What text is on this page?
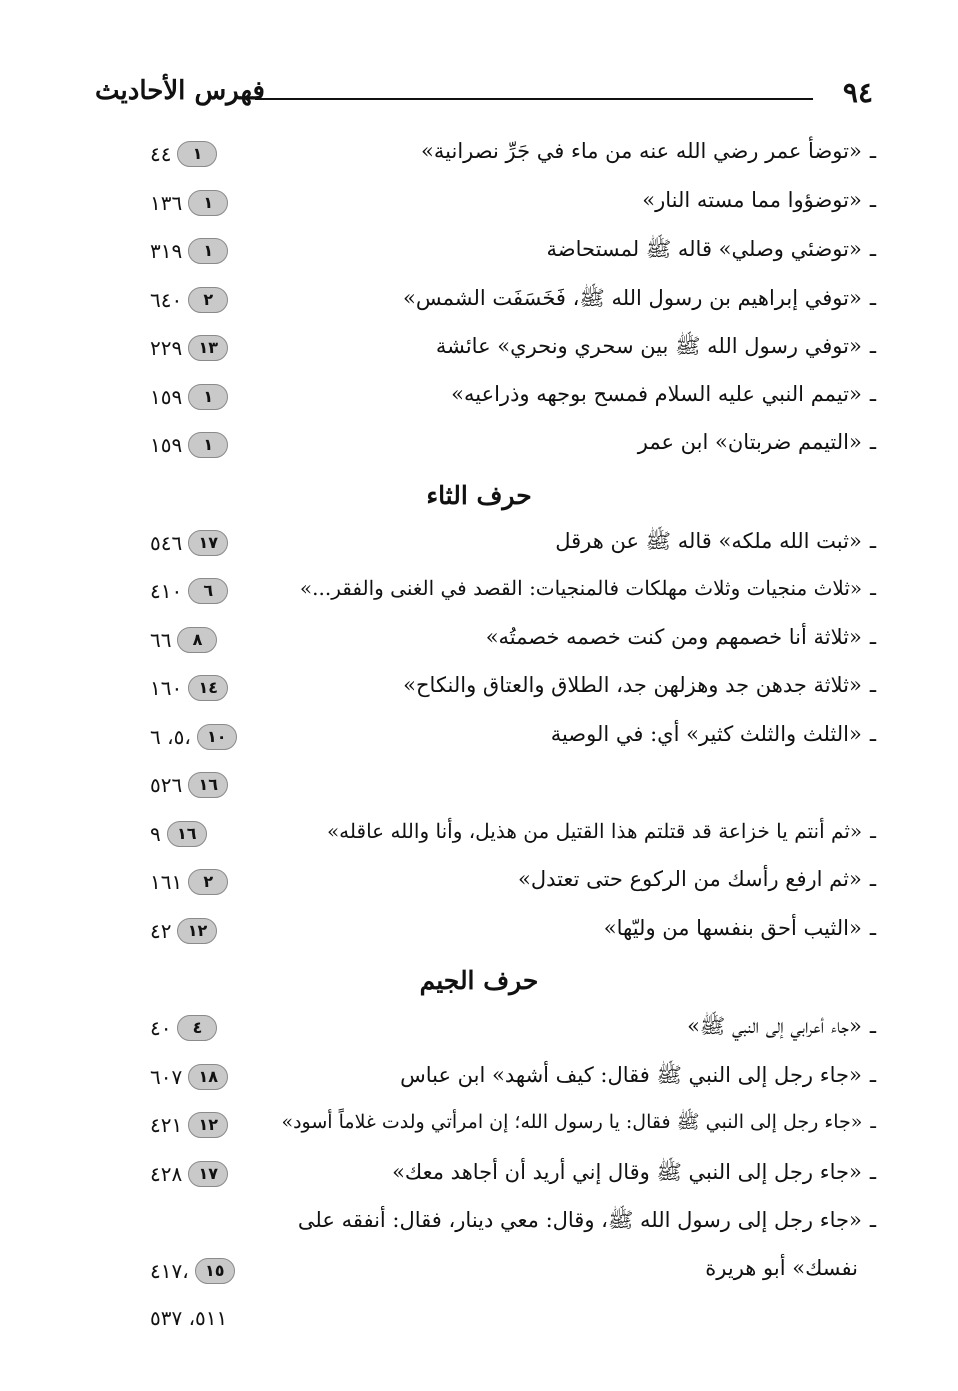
٩٤
فهرس الأحاديث
ـ«توضأ عمر رضي الله عنه من ماء في جَرِّ نصرانية»
٤٤ ١
ـ«توضؤوا مما مسته النار»
١٣٦ ١
ـ«توضئي وصلي» قاله ﷺ لمستحاضة
٣١٩ ١
ـ«توفي إبراهيم بن رسول الله ﷺ، فَخَسَفَت الشمس»
٦٤٠ ٢
ـ«توفي رسول الله ﷺ بين سحري ونحري» عائشة
٢٢٩ ١٣
ـ«تيمم النبي عليه السلام فمسح بوجهه وذراعيه»
١٥٩ ١
ـ«التيمم ضربتان» ابن عمر
١٥٩ ١
حرف الثاء
ـ«ثبت الله ملكه» قاله ﷺ عن هرقل
٥٤٦ ١٧
ـ«ثلاث منجيات وثلاث مهلكات فالمنجيات: القصد في الغنى والفقر...»
٤١٠ ٦
ـ«ثلاثة أنا خصمهم ومن كنت خصمه خصمتُه»
٦٦ ٨
ـ«ثلاثة جدهن جد وهزلهن جد، الطلاق والعتاق والنكاح»
١٦٠ ١٤
ـ«الثلث والثلث كثير» أي: في الوصية
٥، ٦، ١٠
٥٢٦ ١٦
ـ«ثم أنتم يا خزاعة قد قتلتم هذا القتيل من هذيل، وأنا والله عاقله»
٩ ١٦
ـ«ثم ارفع رأسك من الركوع حتى تعتدل»
١٦١ ٢
ـ«الثيب أحق بنفسها من وليّها»
٤٢ ١٢
حرف الجيم
ـ«جاء أعرابي إلى النبي ﷺ»
٤٠ ٤
ـ«جاء رجل إلى النبي ﷺ فقال: كيف أشهد» ابن عباس
٦٠٧ ١٨
ـ«جاء رجل إلى النبي ﷺ فقال: يا رسول الله؛ إن امرأتي ولدت غلاماً أسود»
٤٢١ ١٢
ـ«جاء رجل إلى النبي ﷺ وقال إني أريد أن أجاهد معك»
٤٢٨ ١٧
ـ«جاء رجل إلى رسول الله ﷺ، وقال: معي دينار، فقال: أنفقه على
نفسك» أبو هريرة
٤١٧، ١٥
٥١١، ٥٣٧
